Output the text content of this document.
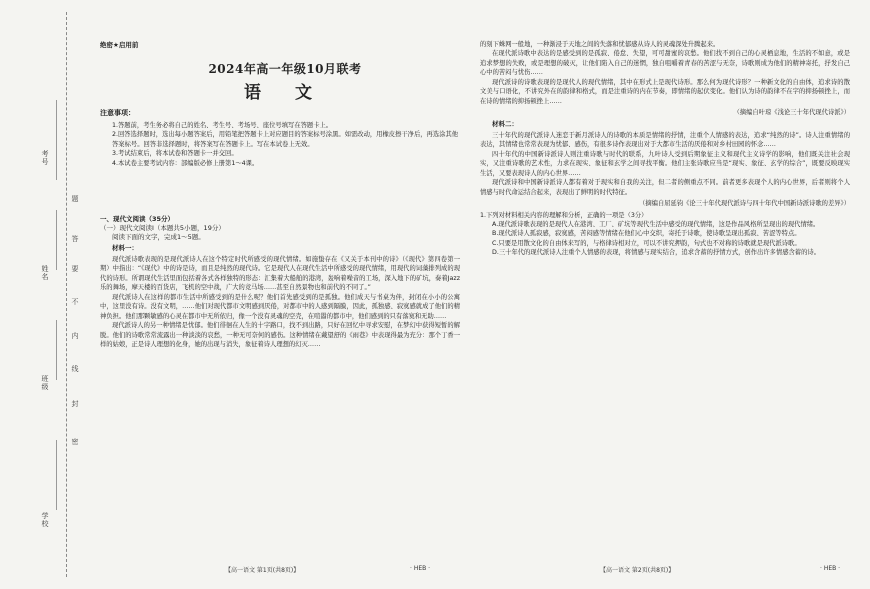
考号
姓名
班级
学校
题
答
要
不
内
线
封
密
绝密★启用前
2024年高一年级10月联考
语 文
注意事项：

1.答题前，考生务必将自己的姓名、考生号、考场号、座位号填写在答题卡上。

2.回答选择题时，选出每小题答案后，用铅笔把答题卡上对应题目的答案标号涂黑。如需改动，用橡皮擦干净后，再选涂其他答案标号。回答非选择题时，将答案写在答题卡上。写在本试卷上无效。

3.考试结束后，将本试卷和答题卡一并交回。

4.本试卷主要考试内容：部编版必修上册第1～4课。

一、现代文阅读（35分）
（一）现代文阅读Ⅰ（本题共5小题，19分）
阅读下面的文字，完成1～5题。
材料一：

现代派诗歌表现的是现代派诗人在这个特定时代所感受的现代情绪。如施蛰存在《又关于本刊中的诗》（《现代》第四卷第一期）中指出：“《现代》中的诗是诗，而且是纯然的现代诗。它是现代人在现代生活中所感受的现代情绪，用现代的词藻排列成的现代的诗形。所谓现代生活里面包括着各式各样独特的形态：汇集着大船舶的港湾，轰响着噪音的工场，深入地下的矿坑，奏着Jazz乐的舞场，摩天楼的百货店，飞机的空中战，广大的竞马场……甚至自然景物也和前代的不同了。”

现代派诗人在这样的都市生活中所感受到的是什么呢？他们首先感受到的是孤独。他们成天与书桌为伴，封闭在小小的公寓中，这里没有诗。没有文明，……他们对现代都市文明感到厌倦，对都市中的人感到隔膜，因此，孤独感、寂寞感就成了他们的精神负担。他们那颗敏感的心灵在都市中无所依归，像一个没有灵魂的空壳，在喧嚣的都市中，他们感到的只有落寞和无助……

现代派诗人的另一种情绪是忧郁。他们徘徊在人生的十字路口，找不到出路，只好在回忆中寻求安慰，在梦幻中获得短暂的解脱。他们的诗歌常常流露出一种淡淡的哀愁，一种无可奈何的感伤。这种情绪在戴望舒的《雨巷》中表现得最为充分：那个丁香一样的姑娘，正是诗人理想的化身，她的出现与消失，象征着诗人理想的幻灭……

的刻下蛛网一般地，一种渐浸于天地之间的失落和忧郁感从诗人的灵魂深处升腾起来。

在现代派诗歌中表达的是感受到的是孤寂、倦怠、失望，可可甜蜜的哀愁。他们找不到自己的心灵栖息地，生活的不如意，或是追求梦想的失败，或是理想的破灭，让他们陷入自己的迷惘，独自咀嚼着青春的苦涩与无奈，诗歌则成为他们的精神寄托，抒发自己心中的苦闷与忧伤……

现代派诗的诗歌表现的是现代人的现代情绪，其中在形式上是现代诗形。那么何为现代诗形？一种新文化的自由体，追求诗的散文美与口语化，不讲究外在的韵律和格式，而是注重诗的内在节奏，即情绪的起伏变化。他们认为诗的韵律不在字的抑扬顿挫上，而在诗的情绪的抑扬顿挫上……

（摘编自叶琼《浅论三十年代现代诗派》）
材料二：

三十年代的现代派诗人迷恋于新月派诗人的诗歌的本质是情绪的抒情，注重个人情感的表达，追求“纯然的诗”。诗人注重情绪的表达，其情绪也常常表现为忧郁、感伤，有很多诗作表现出对于大都市生活的厌倦和对乡村田园的怀念……

四十年代的中国新诗派诗人则注重诗歌与时代的联系，九叶诗人受到后期象征主义和现代主义诗学的影响，他们既关注社会现实，又注重诗歌的艺术性，力求在现实、象征和玄学之间寻找平衡。他们主张诗歌应当是“现实、象征、玄学的综合”，既要反映现实生活，又要表现诗人的内心世界……

现代派诗和中国新诗派诗人都有着对于现实和自我的关注，但二者的侧重点不同。前者更多表现个人的内心世界，后者则将个人情感与时代命运结合起来，表现出了鲜明的时代特征。

（摘编自屈延钧《论三十年代现代派诗与四十年代中国新诗派诗歌的差异》）

1.下列对材料相关内容的理解和分析，正确的一项是（3分）

A.现代派诗歌表现的是现代人在港湾、工厂、矿坑等现代生活中感受的现代情绪，这是作品风格所呈现出的现代情绪。

B.现代派诗人孤寂感，寂寞感，苦闷感等情绪在他们心中交织，寄托于诗歌，使诗歌呈现出孤寂、苦涩等特点。

C.只要是用散文化的自由体来写的，与格律诗相对立，可以不讲究押韵，句式也不对称的诗歌就是现代派诗歌。

D.三十年代的现代派诗人注重个人情感的表现，将情感与现实结合，追求含蓄的抒情方式，创作出许多情感含蓄的诗。

【高一语文 第1页(共8页)】	· HEB ·	【高一语文 第2页(共8页)】	· HEB ·
